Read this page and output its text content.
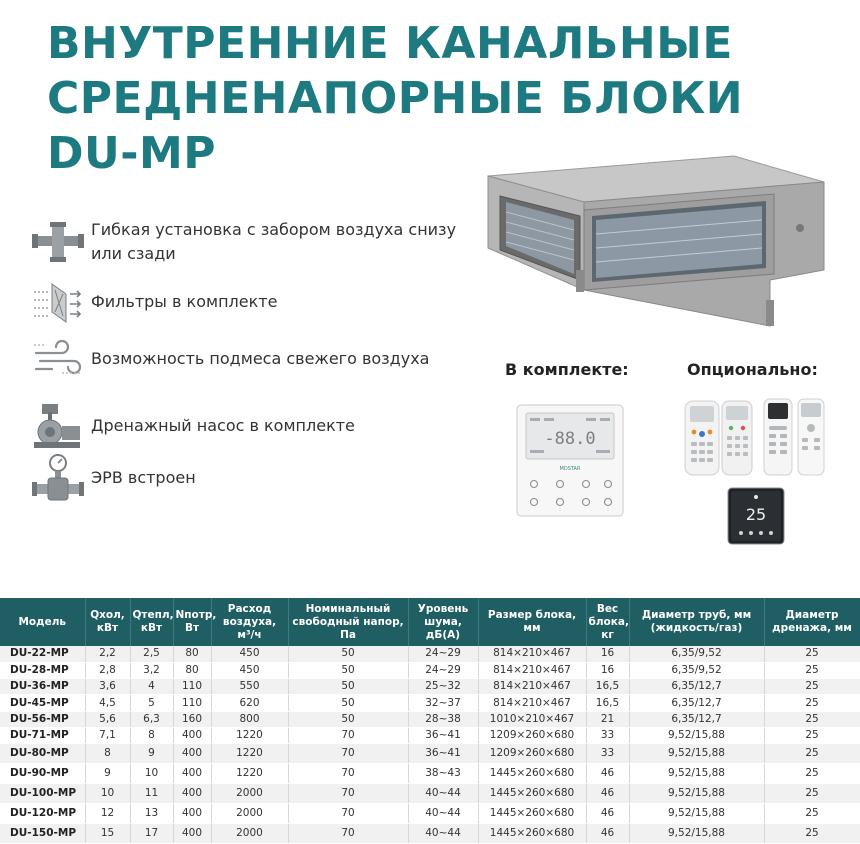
ВНУТРЕННИЕ КАНАЛЬНЫЕ
СРЕДНЕНАПОРНЫЕ БЛОКИ
DU-MP
Гибкая установка с забором воздуха снизу или сзади
Фильтры в комплекте
Возможность подмеса свежего воздуха
Дренажный насос в комплекте
ЭРВ встроен
В комплекте:	Опционально:
-88.0
MDSTAR
25
Модель	Qхол, кВт	Qтепл, кВт	Nпотр, Вт	Расход воздуха, м³/ч	Номинальный свободный напор, Па	Уровень шума, дБ(А)	Размер блока, мм	Вес блока, кг	Диаметр труб, мм (жидкость/газ)	Диаметр дренажа, мм
DU-22-MP	2,2	2,5	80	450	50	24~29	814×210×467	16	6,35/9,52	25
DU-28-MP	2,8	3,2	80	450	50	24~29	814×210×467	16	6,35/9,52	25
DU-36-MP	3,6	4	110	550	50	25~32	814×210×467	16,5	6,35/12,7	25
DU-45-MP	4,5	5	110	620	50	32~37	814×210×467	16,5	6,35/12,7	25
DU-56-MP	5,6	6,3	160	800	50	28~38	1010×210×467	21	6,35/12,7	25
DU-71-MP	7,1	8	400	1220	70	36~41	1209×260×680	33	9,52/15,88	25
DU-80-MP	8	9	400	1220	70	36~41	1209×260×680	33	9,52/15,88	25
DU-90-MP	9	10	400	1220	70	38~43	1445×260×680	46	9,52/15,88	25
DU-100-MP	10	11	400	2000	70	40~44	1445×260×680	46	9,52/15,88	25
DU-120-MP	12	13	400	2000	70	40~44	1445×260×680	46	9,52/15,88	25
DU-150-MP	15	17	400	2000	70	40~44	1445×260×680	46	9,52/15,88	25
